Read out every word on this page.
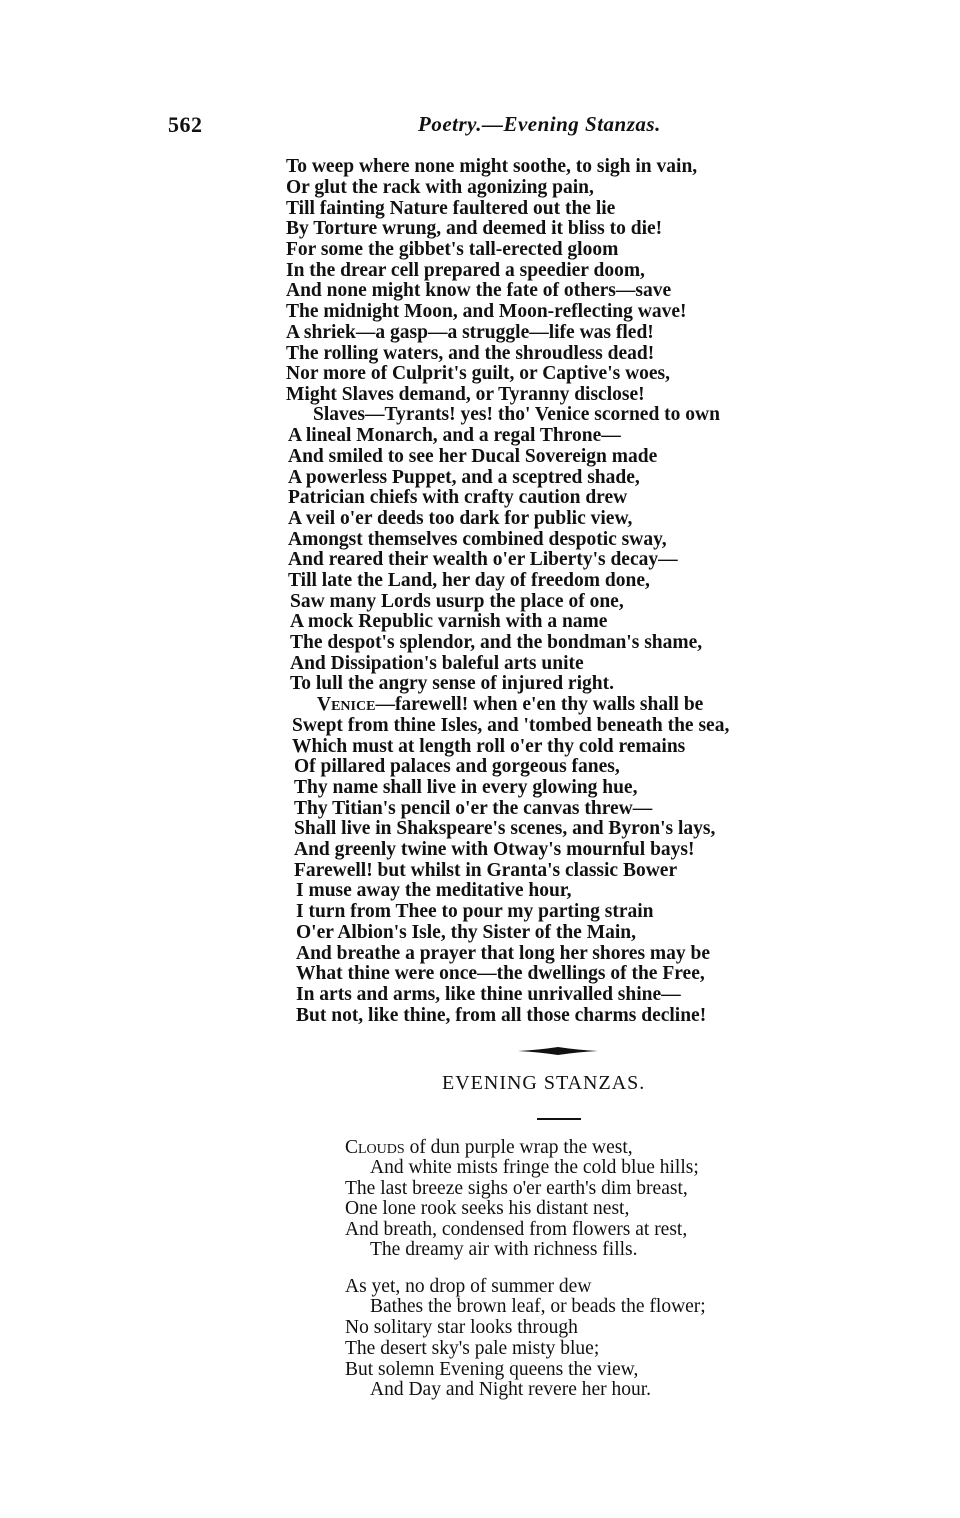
562	Poetry.—Evening Stanzas.
To weep where none might soothe, to sigh in vain,
Or glut the rack with agonizing pain,
Till fainting Nature faultered out the lie
By Torture wrung, and deemed it bliss to die!
For some the gibbet's tall-erected gloom
In the drear cell prepared a speedier doom,
And none might know the fate of others—save
The midnight Moon, and Moon-reflecting wave!
A shriek—a gasp—a struggle—life was fled!
The rolling waters, and the shroudless dead!
Nor more of Culprit's guilt, or Captive's woes,
Might Slaves demand, or Tyranny disclose!
Slaves—Tyrants! yes! tho' Venice scorned to own
A lineal Monarch, and a regal Throne—
And smiled to see her Ducal Sovereign made
A powerless Puppet, and a sceptred shade,
Patrician chiefs with crafty caution drew
A veil o'er deeds too dark for public view,
Amongst themselves combined despotic sway,
And reared their wealth o'er Liberty's decay—
Till late the Land, her day of freedom done,
Saw many Lords usurp the place of one,
A mock Republic varnish with a name
The despot's splendor, and the bondman's shame,
And Dissipation's baleful arts unite
To lull the angry sense of injured right.
Venice—farewell! when e'en thy walls shall be
Swept from thine Isles, and 'tombed beneath the sea,
Which must at length roll o'er thy cold remains
Of pillared palaces and gorgeous fanes,
Thy name shall live in every glowing hue,
Thy Titian's pencil o'er the canvas threw—
Shall live in Shakspeare's scenes, and Byron's lays,
And greenly twine with Otway's mournful bays!
Farewell! but whilst in Granta's classic Bower
I muse away the meditative hour,
I turn from Thee to pour my parting strain
O'er Albion's Isle, thy Sister of the Main,
And breathe a prayer that long her shores may be
What thine were once—the dwellings of the Free,
In arts and arms, like thine unrivalled shine—
But not, like thine, from all those charms decline!
EVENING STANZAS.
Clouds of dun purple wrap the west,
And white mists fringe the cold blue hills;
The last breeze sighs o'er earth's dim breast,
One lone rook seeks his distant nest,
And breath, condensed from flowers at rest,
The dreamy air with richness fills.
As yet, no drop of summer dew
Bathes the brown leaf, or beads the flower;
No solitary star looks through
The desert sky's pale misty blue;
But solemn Evening queens the view,
And Day and Night revere her hour.
